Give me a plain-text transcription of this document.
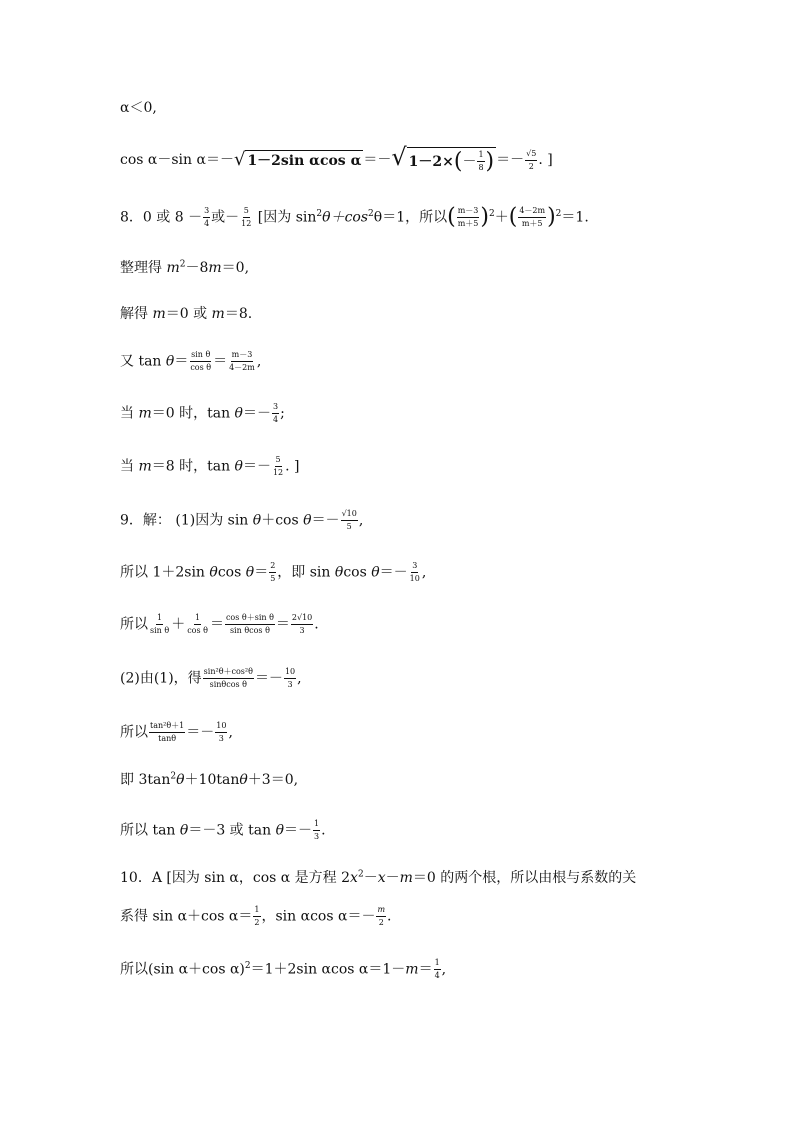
α＜0,
cos α－sin α＝－ √ 1－2sin αcos α ＝－ √ 1－2× ( － $\frac{1}{8}$ ) ＝－ $\frac{√5}{2}$ . ]
8．0 或 $8 - \frac{3}{4}$ 或－ $\frac{5}{12}$ [因为 $\sin^2\theta+\cos^2\theta=1$，所以( $\frac{m-3}{m+5} )^2+( \frac{4-2m}{m+5} )^2=1$.
整理得 $m^2-8m=0$,
解得 m＝0 或 m＝8.
又 $\tan \theta= \frac{\text{sin θ}}{\text{cos θ}} = \frac{m-3}{4-2m}$ ,
当 m＝0 时，$\tan \theta=- \frac{3}{4}$ ;
当 m＝8 时，$\tan \theta=- \frac{5}{12}$ . ]
9．解： (1)因为 sin θ＋cos $\theta=- \frac{√10}{5}$ ,
所以 1＋2sin θcos $\theta= \frac{2}{5}$ ，即 sin θcos $\theta=- \frac{3}{10}$ ,
所以 $\frac{1}{\text{sin θ}} + \frac{1}{\text{cos θ}} = \frac{\text{cos θ＋sin θ}}{\text{sin θcos θ}} = \frac{2√10}{3}$ .
(2)由(1)，得 $\frac{\text{sin²θ＋cos²θ}}{\text{sinθcos θ}} =- \frac{10}{3}$ ,
所以 $\frac{\text{tan²θ＋1}}{\tan\theta} =- \frac{10}{3}$ ,
即 $3\tan^2\theta+10\tan\theta+3=0$,
所以 tan θ＝－3 或 $\tan \theta=- \frac{1}{3}$ .
10．A [因为 sin α，cos α 是方程 $2x^2-x-m=0$ 的两个根，所以由根与系数的关
系得 sin α＋cos $\alpha= \frac{1}{2}$ ，sin αcos $\alpha=- \frac{m}{2}$ .
所以(sin α＋cos α)$^2$＝1＋2sin αcos $\alpha=1-m= \frac{1}{4}$ ,
